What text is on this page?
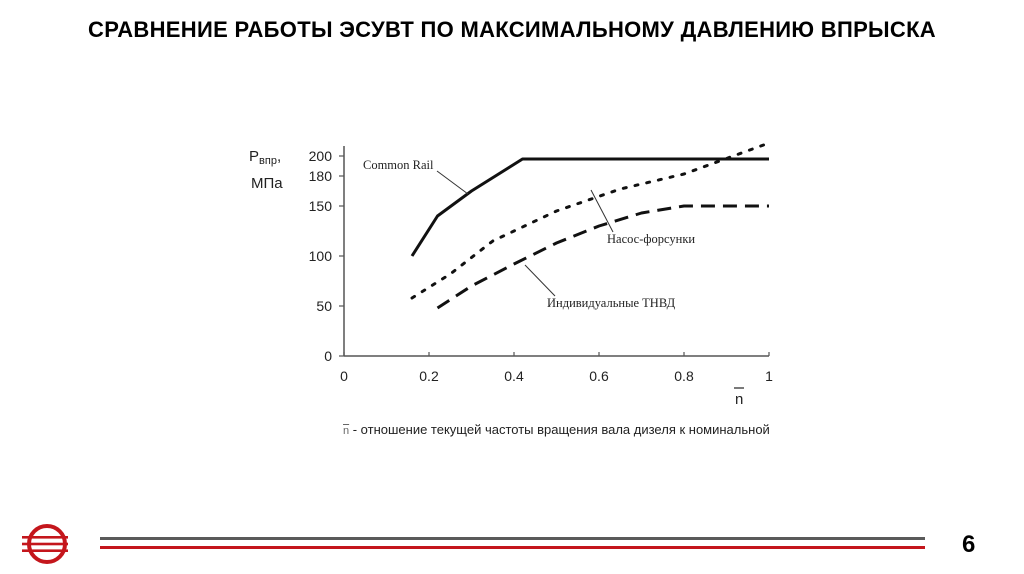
СРАВНЕНИЕ РАБОТЫ ЭСУВТ ПО МАКСИМАЛЬНОМУ ДАВЛЕНИЮ ВПРЫСКА
0
50
100
150
180
200
0	0.2	0.4	0.6	0.8	1
$P_{впр}$,
МПа
n
Common Rail
Насос-форсунки
Индивидуальные ТНВД
$\overline{n}$ - отношение текущей частоты вращения вала дизеля к номинальной
6
